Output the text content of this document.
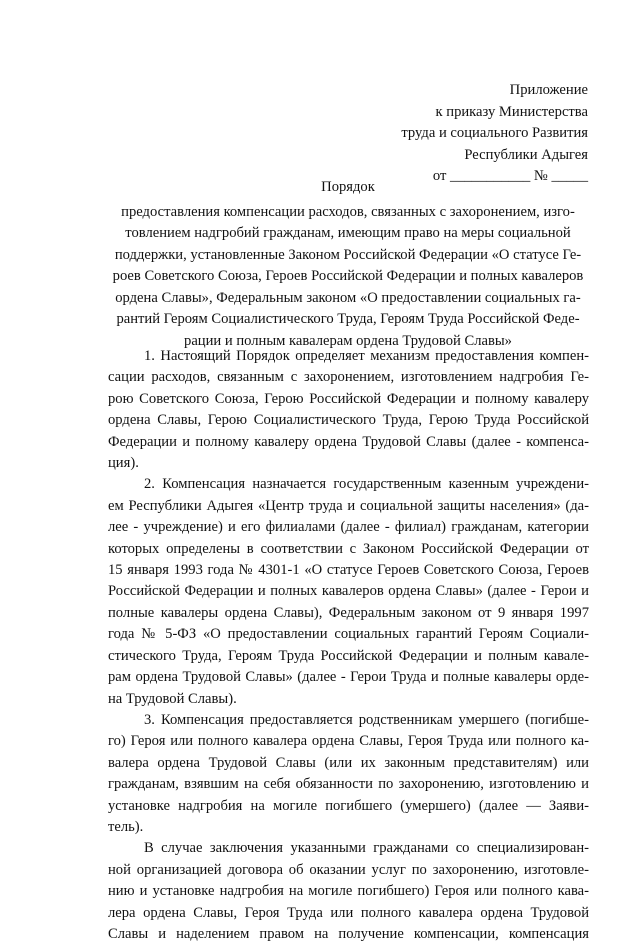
Приложение
к приказу Министерства
труда и социального Развития
Республики Адыгея
от ___________ № _____
Порядок
предоставления компенсации расходов, связанных с захоронением, изго-
товлением надгробий гражданам, имеющим право на меры социальной
поддержки, установленные Законом Российской Федерации «О статусе Ге-
роев Советского Союза, Героев Российской Федерации и полных кавалеров
ордена Славы», Федеральным законом «О предоставлении социальных га-
рантий Героям Социалистического Труда, Героям Труда Российской Феде-
рации и полным кавалерам ордена Трудовой Славы»
1. Настоящий Порядок определяет механизм предоставления компен-
сации расходов, связанным с захоронением, изготовлением надгробия Ге-
рою Советского Союза, Герою Российской Федерации и полному кавалеру
ордена Славы, Герою Социалистического Труда, Герою Труда Российской
Федерации и полному кавалеру ордена Трудовой Славы (далее - компенса-
ция).
2. Компенсация назначается государственным казенным учреждени-
ем Республики Адыгея «Центр труда и социальной защиты населения» (да-
лее - учреждение) и его филиалами (далее - филиал) гражданам, категории
которых определены в соответствии с Законом Российской Федерации от
15 января 1993 года № 4301-1 «О статусе Героев Советского Союза, Героев
Российской Федерации и полных кавалеров ордена Славы» (далее - Герои и
полные кавалеры ордена Славы), Федеральным законом от 9 января 1997
года № 5-ФЗ «О предоставлении социальных гарантий Героям Социали-
стического Труда, Героям Труда Российской Федерации и полным кавале-
рам ордена Трудовой Славы» (далее - Герои Труда и полные кавалеры орде-
на Трудовой Славы).
3. Компенсация предоставляется родственникам умершего (погибше-
го) Героя или полного кавалера ордена Славы, Героя Труда или полного ка-
валера ордена Трудовой Славы (или их законным представителям) или
гражданам, взявшим на себя обязанности по захоронению, изготовлению и
установке надгробия на могиле погибшего (умершего) (далее — Заяви-
тель).
В случае заключения указанными гражданами со специализирован-
ной организацией договора об оказании услуг по захоронению, изготовле-
нию и установке надгробия на могиле погибшего) Героя или полного кава-
лера ордена Славы, Героя Труда или полного кавалера ордена Трудовой
Славы и наделением правом на получение компенсации, компенсация
